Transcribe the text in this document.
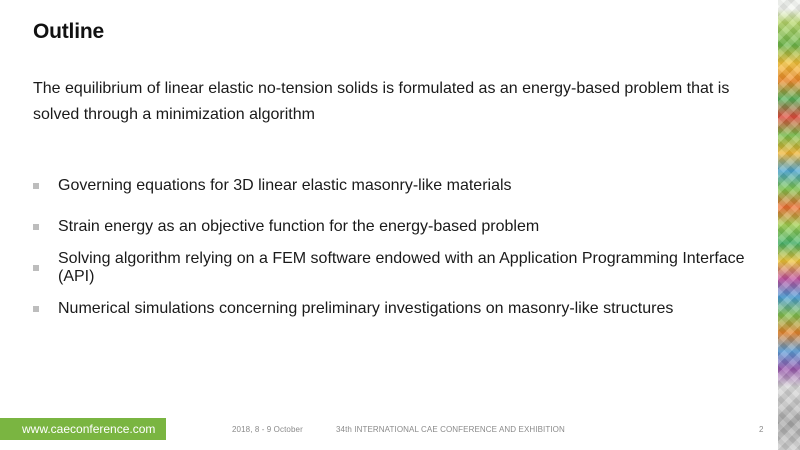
Outline
The equilibrium of linear elastic no-tension solids is formulated as an energy-based problem that is solved through a minimization algorithm
Governing equations for 3D linear elastic masonry-like materials
Strain energy as an objective function for the energy-based problem
Solving algorithm relying on a FEM software endowed with an Application Programming Interface (API)
Numerical simulations concerning preliminary investigations on masonry-like structures
www.caeconference.com	2018, 8 - 9 October	34th INTERNATIONAL CAE CONFERENCE AND EXHIBITION	2
